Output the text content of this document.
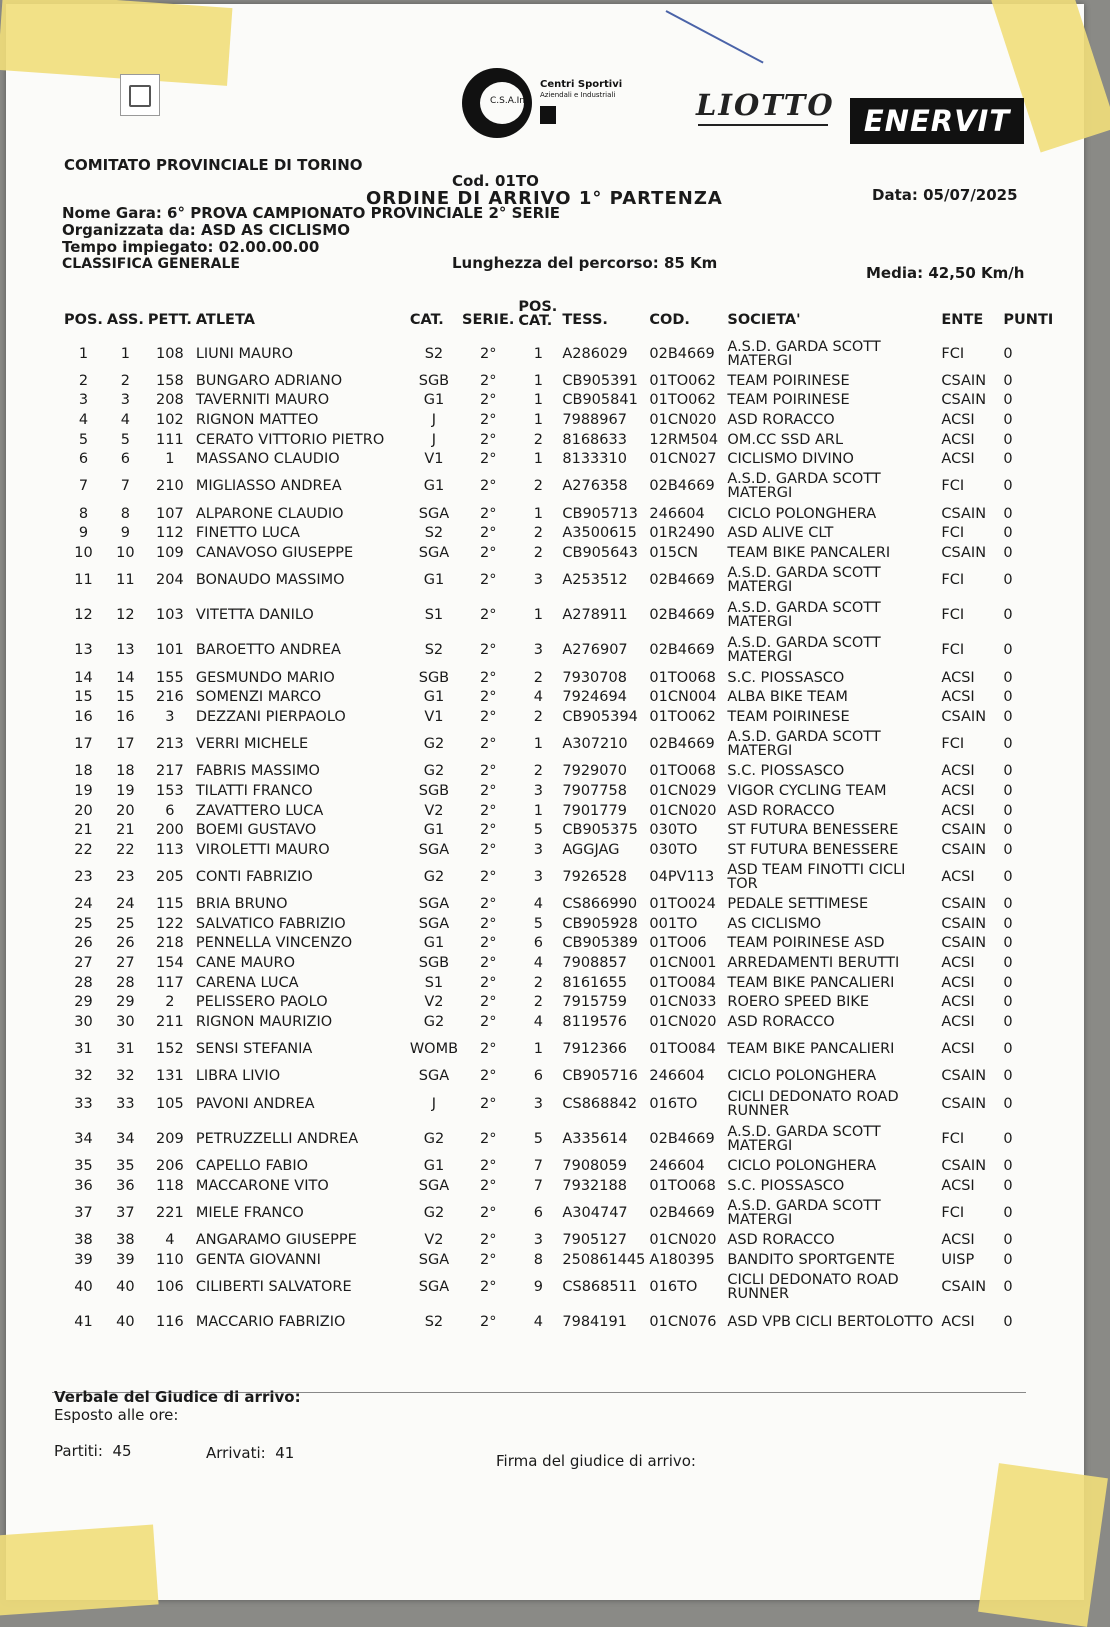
C.S.A.In.
Centri Sportivi
Aziendali e Industriali	LIOTTO	ENERVIT
COMITATO PROVINCIALE DI TORINO
Cod. 01TO
ORDINE DI ARRIVO 1° PARTENZA	Data: 05/07/2025
Nome Gara: 6° PROVA CAMPIONATO PROVINCIALE 2° SERIE
Organizzata da: ASD AS CICLISMO
Tempo impiegato: 02.00.00.00
CLASSIFICA GENERALE	Lunghezza del percorso: 85 Km
Media: 42,50 Km/h
POS.	ASS.	PETT.	ATLETA	CAT.	SERIE.	POS. CAT.	TESS.	COD.	SOCIETA'	ENTE	PUNTI
1	1	108	LIUNI MAURO	S2	2°	1	A286029	02B4669	A.S.D. GARDA SCOTT MATERGI	FCI	0
2	2	158	BUNGARO ADRIANO	SGB	2°	1	CB905391	01TO062	TEAM POIRINESE	CSAIN	0
3	3	208	TAVERNITI MAURO	G1	2°	1	CB905841	01TO062	TEAM POIRINESE	CSAIN	0
4	4	102	RIGNON MATTEO	J	2°	1	7988967	01CN020	ASD RORACCO	ACSI	0
5	5	111	CERATO VITTORIO PIETRO	J	2°	2	8168633	12RM504	OM.CC SSD ARL	ACSI	0
6	6	1	MASSANO CLAUDIO	V1	2°	1	8133310	01CN027	CICLISMO DIVINO	ACSI	0
7	7	210	MIGLIASSO ANDREA	G1	2°	2	A276358	02B4669	A.S.D. GARDA SCOTT MATERGI	FCI	0
8	8	107	ALPARONE CLAUDIO	SGA	2°	1	CB905713	246604	CICLO POLONGHERA	CSAIN	0
9	9	112	FINETTO LUCA	S2	2°	2	A3500615	01R2490	ASD ALIVE CLT	FCI	0
10	10	109	CANAVOSO GIUSEPPE	SGA	2°	2	CB905643	015CN	TEAM BIKE PANCALERI	CSAIN	0
11	11	204	BONAUDO MASSIMO	G1	2°	3	A253512	02B4669	A.S.D. GARDA SCOTT MATERGI	FCI	0
12	12	103	VITETTA DANILO	S1	2°	1	A278911	02B4669	A.S.D. GARDA SCOTT MATERGI	FCI	0
13	13	101	BAROETTO ANDREA	S2	2°	3	A276907	02B4669	A.S.D. GARDA SCOTT MATERGI	FCI	0
14	14	155	GESMUNDO MARIO	SGB	2°	2	7930708	01TO068	S.C. PIOSSASCO	ACSI	0
15	15	216	SOMENZI MARCO	G1	2°	4	7924694	01CN004	ALBA BIKE TEAM	ACSI	0
16	16	3	DEZZANI PIERPAOLO	V1	2°	2	CB905394	01TO062	TEAM POIRINESE	CSAIN	0
17	17	213	VERRI MICHELE	G2	2°	1	A307210	02B4669	A.S.D. GARDA SCOTT MATERGI	FCI	0
18	18	217	FABRIS MASSIMO	G2	2°	2	7929070	01TO068	S.C. PIOSSASCO	ACSI	0
19	19	153	TILATTI FRANCO	SGB	2°	3	7907758	01CN029	VIGOR CYCLING TEAM	ACSI	0
20	20	6	ZAVATTERO LUCA	V2	2°	1	7901779	01CN020	ASD RORACCO	ACSI	0
21	21	200	BOEMI GUSTAVO	G1	2°	5	CB905375	030TO	ST FUTURA BENESSERE	CSAIN	0
22	22	113	VIROLETTI MAURO	SGA	2°	3	AGGJAG	030TO	ST FUTURA BENESSERE	CSAIN	0
23	23	205	CONTI FABRIZIO	G2	2°	3	7926528	04PV113	ASD TEAM FINOTTI CICLI TOR	ACSI	0
24	24	115	BRIA BRUNO	SGA	2°	4	CS866990	01TO024	PEDALE SETTIMESE	CSAIN	0
25	25	122	SALVATICO FABRIZIO	SGA	2°	5	CB905928	001TO	AS CICLISMO	CSAIN	0
26	26	218	PENNELLA VINCENZO	G1	2°	6	CB905389	01TO06	TEAM POIRINESE ASD	CSAIN	0
27	27	154	CANE MAURO	SGB	2°	4	7908857	01CN001	ARREDAMENTI BERUTTI	ACSI	0
28	28	117	CARENA LUCA	S1	2°	2	8161655	01TO084	TEAM BIKE PANCALIERI	ACSI	0
29	29	2	PELISSERO PAOLO	V2	2°	2	7915759	01CN033	ROERO SPEED BIKE	ACSI	0
30	30	211	RIGNON MAURIZIO	G2	2°	4	8119576	01CN020	ASD RORACCO	ACSI	0
31	31	152	SENSI STEFANIA	WOMB	2°	1	7912366	01TO084	TEAM BIKE PANCALIERI	ACSI	0
32	32	131	LIBRA LIVIO	SGA	2°	6	CB905716	246604	CICLO POLONGHERA	CSAIN	0
33	33	105	PAVONI ANDREA	J	2°	3	CS868842	016TO	CICLI DEDONATO ROAD RUNNER	CSAIN	0
34	34	209	PETRUZZELLI ANDREA	G2	2°	5	A335614	02B4669	A.S.D. GARDA SCOTT MATERGI	FCI	0
35	35	206	CAPELLO FABIO	G1	2°	7	7908059	246604	CICLO POLONGHERA	CSAIN	0
36	36	118	MACCARONE VITO	SGA	2°	7	7932188	01TO068	S.C. PIOSSASCO	ACSI	0
37	37	221	MIELE FRANCO	G2	2°	6	A304747	02B4669	A.S.D. GARDA SCOTT MATERGI	FCI	0
38	38	4	ANGARAMO GIUSEPPE	V2	2°	3	7905127	01CN020	ASD RORACCO	ACSI	0
39	39	110	GENTA GIOVANNI	SGA	2°	8	250861445	A180395	BANDITO SPORTGENTE	UISP	0
40	40	106	CILIBERTI SALVATORE	SGA	2°	9	CS868511	016TO	CICLI DEDONATO ROAD RUNNER	CSAIN	0
41	40	116	MACCARIO FABRIZIO	S2	2°	4	7984191	01CN076	ASD VPB CICLI BERTOLOTTO	ACSI	0
Verbale del Giudice di arrivo:
Esposto alle ore:
Partiti: 45	Arrivati: 41	Firma del giudice di arrivo:
